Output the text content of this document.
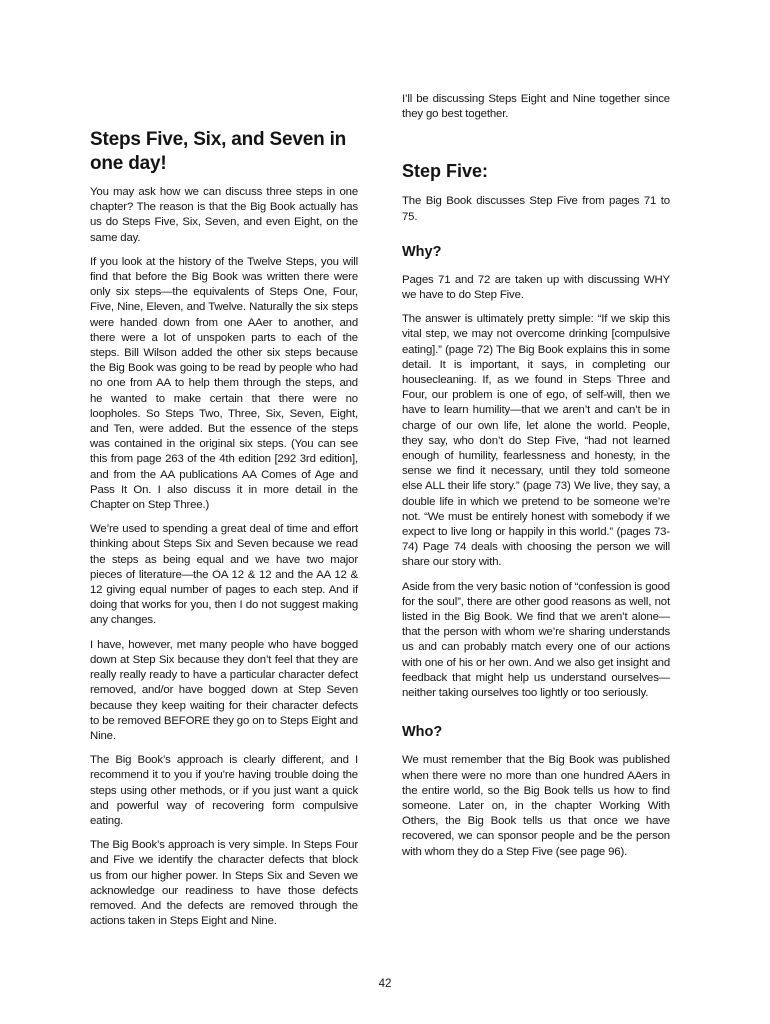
Steps Five, Six, and Seven in one day!

You may ask how we can discuss three steps in one chapter? The reason is that the Big Book actually has us do Steps Five, Six, Seven, and even Eight, on the same day.

If you look at the history of the Twelve Steps, you will find that before the Big Book was written there were only six steps—the equivalents of Steps One, Four, Five, Nine, Eleven, and Twelve. Naturally the six steps were handed down from one AAer to another, and there were a lot of unspoken parts to each of the steps. Bill Wilson added the other six steps because the Big Book was going to be read by people who had no one from AA to help them through the steps, and he wanted to make certain that there were no loopholes. So Steps Two, Three, Six, Seven, Eight, and Ten, were added. But the essence of the steps was contained in the original six steps. (You can see this from page 263 of the 4th edition [292 3rd edition], and from the AA publications AA Comes of Age and Pass It On. I also discuss it in more detail in the Chapter on Step Three.)

We’re used to spending a great deal of time and effort thinking about Steps Six and Seven because we read the steps as being equal and we have two major pieces of literature—the OA 12 & 12 and the AA 12 & 12 giving equal number of pages to each step. And if doing that works for you, then I do not suggest making any changes.

I have, however, met many people who have bogged down at Step Six because they don’t feel that they are really really ready to have a particular character defect removed, and/or have bogged down at Step Seven because they keep waiting for their character defects to be removed BEFORE they go on to Steps Eight and Nine.

The Big Book’s approach is clearly different, and I recommend it to you if you’re having trouble doing the steps using other methods, or if you just want a quick and powerful way of recovering form compulsive eating.

The Big Book’s approach is very simple. In Steps Four and Five we identify the character defects that block us from our higher power. In Steps Six and Seven we acknowledge our readiness to have those defects removed. And the defects are removed through the actions taken in Steps Eight and Nine.

I’ll be discussing Steps Eight and Nine together since they go best together.

Step Five:

The Big Book discusses Step Five from pages 71 to 75.

Why?

Pages 71 and 72 are taken up with discussing WHY we have to do Step Five.

The answer is ultimately pretty simple: “If we skip this vital step, we may not overcome drinking [compulsive eating].” (page 72) The Big Book explains this in some detail. It is important, it says, in completing our housecleaning. If, as we found in Steps Three and Four, our problem is one of ego, of self-will, then we have to learn humility—that we aren’t and can’t be in charge of our own life, let alone the world. People, they say, who don’t do Step Five, “had not learned enough of humility, fearlessness and honesty, in the sense we find it necessary, until they told someone else ALL their life story.” (page 73) We live, they say, a double life in which we pretend to be someone we’re not. “We must be entirely honest with somebody if we expect to live long or happily in this world.” (pages 73-74) Page 74 deals with choosing the person we will share our story with.

Aside from the very basic notion of “confession is good for the soul”, there are other good reasons as well, not listed in the Big Book. We find that we aren’t alone—that the person with whom we’re sharing understands us and can probably match every one of our actions with one of his or her own. And we also get insight and feedback that might help us understand ourselves—neither taking ourselves too lightly or too seriously.

Who?

We must remember that the Big Book was published when there were no more than one hundred AAers in the entire world, so the Big Book tells us how to find someone. Later on, in the chapter Working With Others, the Big Book tells us that once we have recovered, we can sponsor people and be the person with whom they do a Step Five (see page 96).

42
